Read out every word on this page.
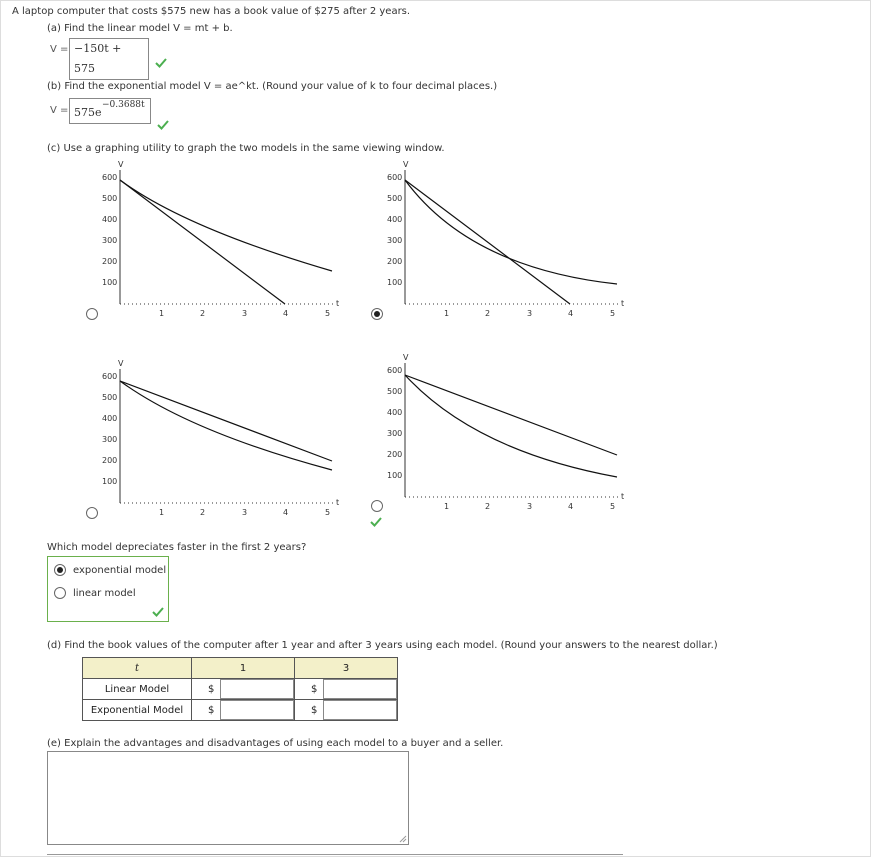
A laptop computer that costs $575 new has a book value of $275 after 2 years.
(a) Find the linear model V = mt + b.
V = −150t + 575
(b) Find the exponential model V = ae^kt. (Round your value of k to four decimal places.)
V = 575e
−0.3688t
(c) Use a graphing utility to graph the two models in the same viewing window.
V
600
500
400
300
200
100
1	2	3	4	5
t
V
600
500
400
300
200
100
1	2	3	4	5
t
V
600
500
400
300
200
100
1	2	3	4	5
t
V
600
500
400
300
200
100
1	2	3	4	5
t
Which model depreciates faster in the first 2 years?
exponential model
linear model
(d) Find the book values of the computer after 1 year and after 3 years using each model. (Round your answers to the nearest dollar.)
t	1	3
Linear Model	$	$

Exponential Model	$	$
(e) Explain the advantages and disadvantages of using each model to a buyer and a seller.
